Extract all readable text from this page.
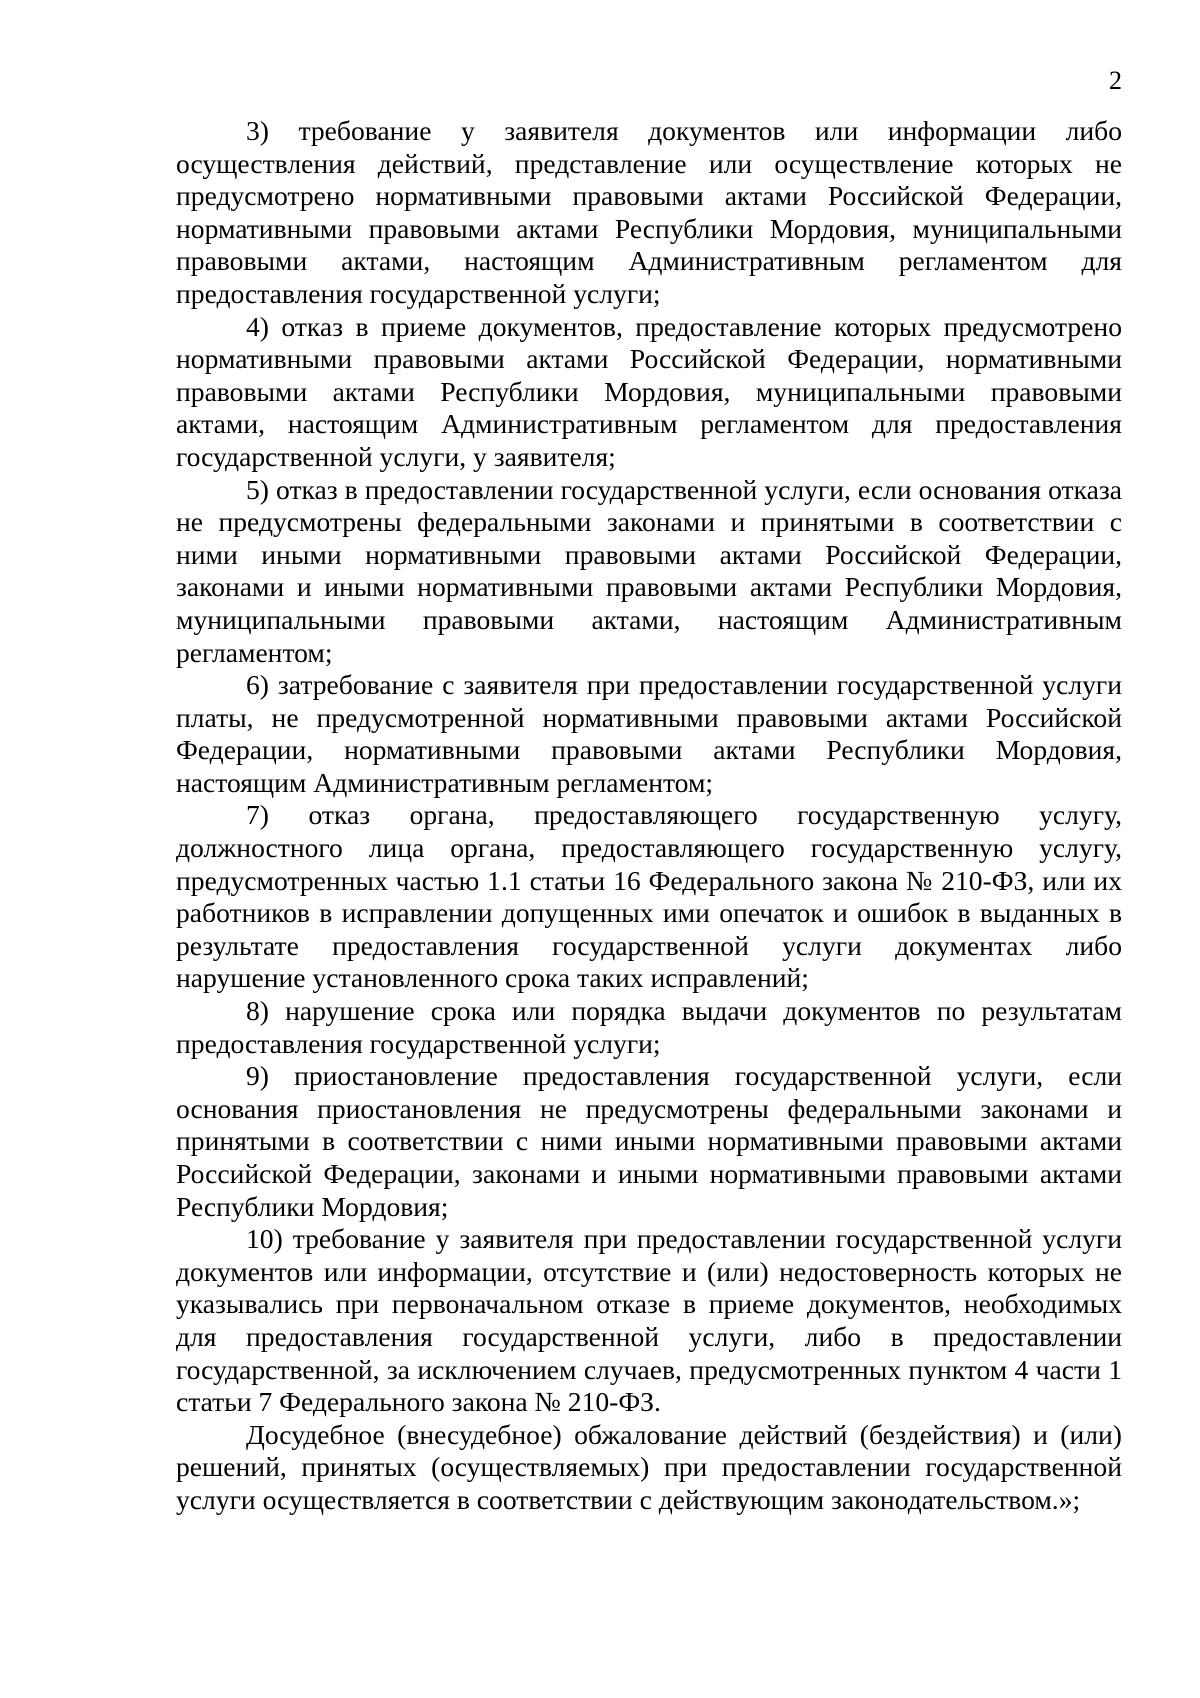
2

3) требование у заявителя документов или информации либо осуществления действий, представление или осуществление которых не предусмотрено нормативными правовыми актами Российской Федерации, нормативными правовыми актами Республики Мордовия, муниципальными правовыми актами, настоящим Административным регламентом для предоставления государственной услуги;

4) отказ в приеме документов, предоставление которых предусмотрено нормативными правовыми актами Российской Федерации, нормативными правовыми актами Республики Мордовия, муниципальными правовыми актами, настоящим Административным регламентом для предоставления государственной услуги, у заявителя;

5) отказ в предоставлении государственной услуги, если основания отказа не предусмотрены федеральными законами и принятыми в соответствии с ними иными нормативными правовыми актами Российской Федерации, законами и иными нормативными правовыми актами Республики Мордовия, муниципальными правовыми актами, настоящим Административным регламентом;

6) затребование с заявителя при предоставлении государственной услуги платы, не предусмотренной нормативными правовыми актами Российской Федерации, нормативными правовыми актами Республики Мордовия, настоящим Административным регламентом;

7) отказ органа, предоставляющего государственную услугу, должностного лица органа, предоставляющего государственную услугу, предусмотренных частью 1.1 статьи 16 Федерального закона № 210-ФЗ, или их работников в исправлении допущенных ими опечаток и ошибок в выданных в результате предоставления государственной услуги документах либо нарушение установленного срока таких исправлений;

8) нарушение срока или порядка выдачи документов по результатам предоставления государственной услуги;

9) приостановление предоставления государственной услуги, если основания приостановления не предусмотрены федеральными законами и принятыми в соответствии с ними иными нормативными правовыми актами Российской Федерации, законами и иными нормативными правовыми актами Республики Мордовия;

10) требование у заявителя при предоставлении государственной услуги документов или информации, отсутствие и (или) недостоверность которых не указывались при первоначальном отказе в приеме документов, необходимых для предоставления государственной услуги, либо в предоставлении государственной, за исключением случаев, предусмотренных пунктом 4 части 1 статьи 7 Федерального закона № 210-ФЗ.

Досудебное (внесудебное) обжалование действий (бездействия) и (или) решений, принятых (осуществляемых) при предоставлении государственной услуги осуществляется в соответствии с действующим законодательством.»;
